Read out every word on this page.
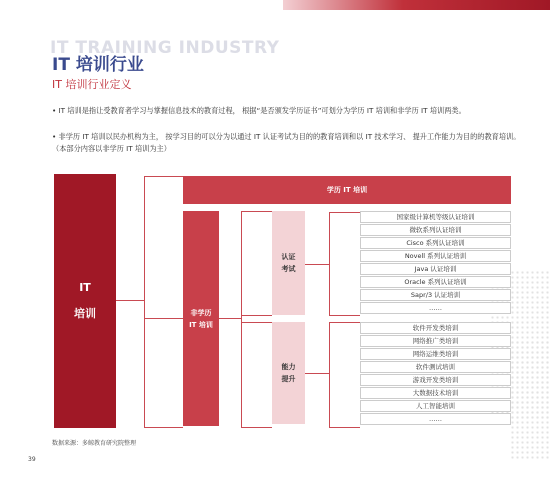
IT TRAINING INDUSTRY
IT 培训行业
IT 培训行业定义

• IT 培训是指让受教育者学习与掌握信息技术的教育过程， 根据“是否颁发学历证书”可划分为学历 IT 培训和非学历 IT 培训两类。

• 非学历 IT 培训以民办机构为主， 按学习目的可以分为以通过 IT 认证考试为目的的教育培训和以 IT 技术学习、 提升工作能力为目的的教育培训。（本部分内容以非学历 IT 培训为主）

IT
培训
学历 IT 培训
非学历
IT 培训
认证
考试
能力
提升
国家级计算机等级认证培训
微软系列认证培训
Cisco 系列认证培训
Novell 系列认证培训
Java 认证培训
Oracle 系列认证培训
Sapr/3 认证培训
……
软件开发类培训
网络推广类培训
网络运维类培训
软件测试培训
游戏开发类培训
大数据技术培训
人工智能培训
……
数据来源：多鲸教育研究院整理
39
